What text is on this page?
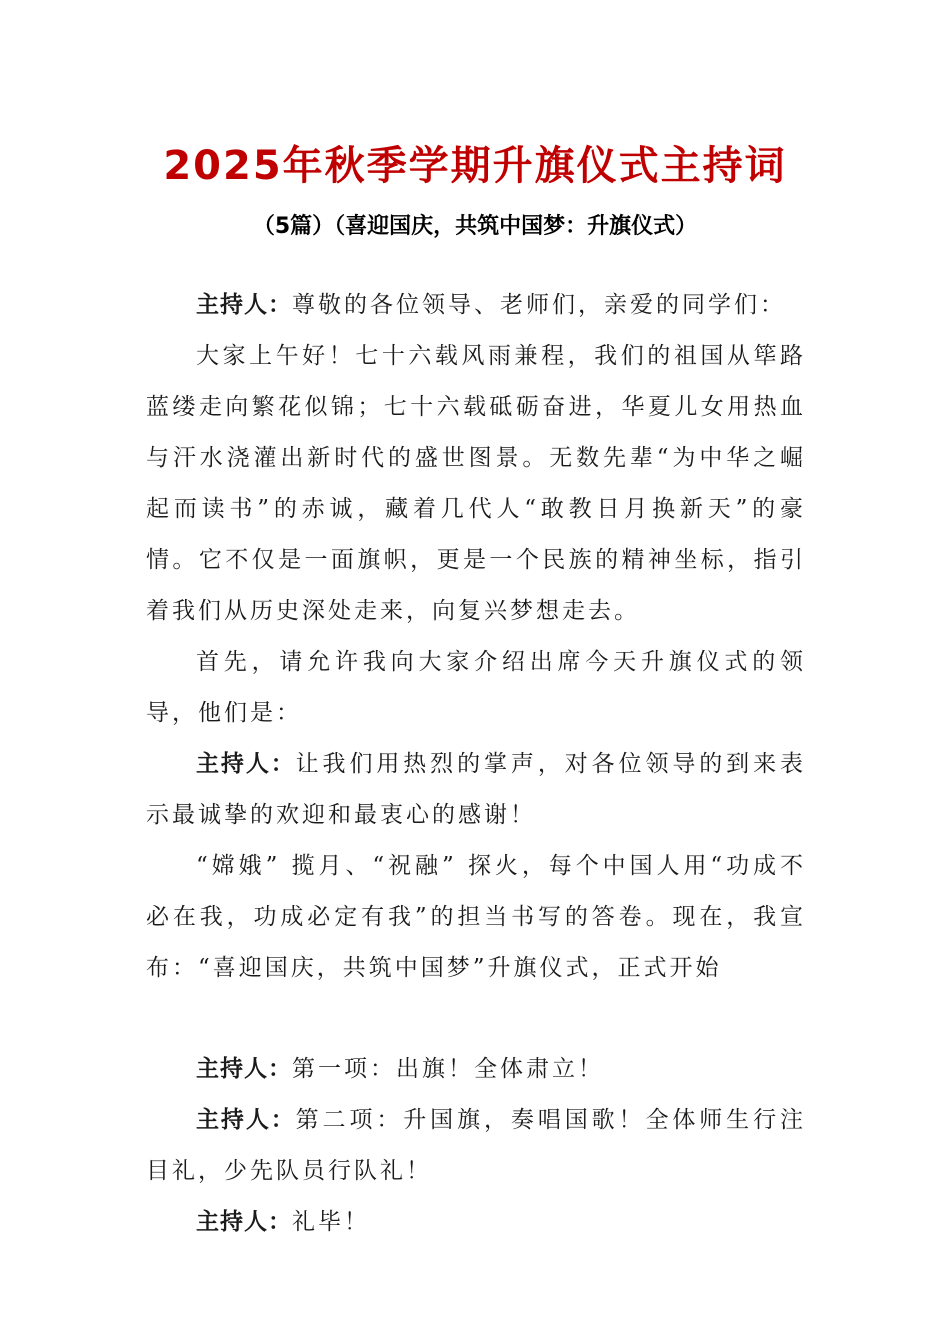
2025年秋季学期升旗仪式主持词
（5篇）（喜迎国庆，共筑中国梦：升旗仪式）

主持人：尊敬的各位领导、老师们，亲爱的同学们：

大家上午好！七十六载风雨兼程，我们的祖国从筚路蓝缕走向繁花似锦；七十六载砥砺奋进，华夏儿女用热血与汗水浇灌出新时代的盛世图景。无数先辈“为中华之崛起而读书”的赤诚，藏着几代人“敢教日月换新天”的豪情。它不仅是一面旗帜，更是一个民族的精神坐标，指引着我们从历史深处走来，向复兴梦想走去。

首先，请允许我向大家介绍出席今天升旗仪式的领导，他们是：

主持人：让我们用热烈的掌声，对各位领导的到来表示最诚挚的欢迎和最衷心的感谢！

“嫦娥” 揽月、“祝融” 探火，每个中国人用“功成不必在我，功成必定有我”的担当书写的答卷。现在，我宣布：“喜迎国庆，共筑中国梦”升旗仪式，正式开始

主持人：第一项：出旗！全体肃立！

主持人：第二项：升国旗，奏唱国歌！全体师生行注目礼，少先队员行队礼！

主持人：礼毕！
